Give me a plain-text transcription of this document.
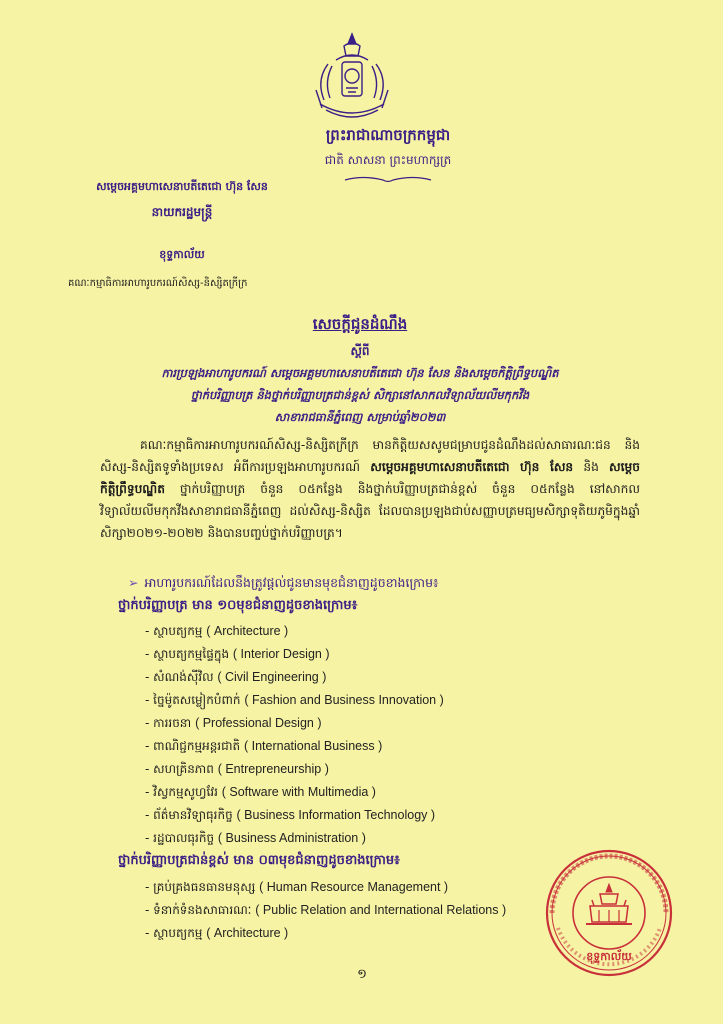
ព្រះរាជាណាចក្រកម្ពុជា
ជាតិ សាសនា ព្រះមហាក្សត្រ
សម្ដេចអគ្គមហាសេនាបតីតេជោ ហ៊ុន សែន
នាយករដ្ឋមន្រ្តី
ខុទ្ទកាល័យ
គណៈកម្មាធិការអាហារូបករណ៍សិស្ស-និស្សិតក្រីក្រ
សេចក្ដីជូនដំណឹង
ស្ដីពី
ការប្រឡងអាហារូបករណ៍ សម្ដេចអគ្គមហាសេនាបតីតេជោ ហ៊ុន សែន និងសម្ដេចកិត្តិព្រឹទ្ធបណ្ឌិត
ថ្នាក់បរិញ្ញាបត្រ និងថ្នាក់បរិញ្ញាបត្រជាន់ខ្ពស់ សិក្សានៅសាកលវិទ្យាល័យលីមកុកវីង
សាខារាជធានីភ្នំពេញ សម្រាប់ឆ្នាំ២០២៣
គណៈកម្មាធិការអាហារូបករណ៍សិស្ស-និស្សិតក្រីក្រ មានកិត្តិយសសូមជម្រាបជូនដំណឹងដល់សាធារណៈជន និងសិស្ស-និស្សិតទូទាំងប្រទេស អំពីការប្រឡងអាហារូបករណ៍ សម្ដេចអគ្គមហាសេនាបតីតេជោ ហ៊ុន សែន និង សម្ដេចកិត្តិព្រឹទ្ធបណ្ឌិត ថ្នាក់បរិញ្ញាបត្រ ចំនួន ០៥កន្លែង និងថ្នាក់បរិញ្ញាបត្រជាន់ខ្ពស់ ចំនួន ០៥កន្លែង នៅសាកលវិទ្យាល័យលីមកុកវីងសាខារាជធានីភ្នំពេញ ដល់សិស្ស-និស្សិត ដែលបានប្រឡងជាប់សញ្ញាបត្រមធ្យមសិក្សាទុតិយភូមិក្នុងឆ្នាំសិក្សា២០២១-២០២២ និងបានបញ្ចប់ថ្នាក់បរិញ្ញាបត្រ។
➢ អាហារូបករណ៍ដែលនឹងត្រូវផ្ដល់ជូនមានមុខជំនាញដូចខាងក្រោម៖
ថ្នាក់បរិញ្ញាបត្រ មាន ១០មុខជំនាញដូចខាងក្រោម៖
- ស្ថាបត្យកម្ម ( Architecture )
- ស្ថាបត្យកម្មផ្ទៃក្នុង ( Interior Design )
- សំណង់ស៊ីវិល ( Civil Engineering )
- ច្នៃម៉ូតសម្លៀកបំពាក់ ( Fashion and Business Innovation )
- ការរចនា ( Professional Design )
- ពាណិជ្ជកម្មអន្តរជាតិ ( International Business )
- សហគ្រិនភាព ( Entrepreneurship )
- វិស្វកម្មសូហ្វវែរ ( Software with Multimedia )
- ព័ត៌មានវិទ្យាធុរកិច្ច ( Business Information Technology )
- រដ្ឋបាលធុរកិច្ច ( Business Administration )
ថ្នាក់បរិញ្ញាបត្រជាន់ខ្ពស់ មាន ០៣មុខជំនាញដូចខាងក្រោម៖
- គ្រប់គ្រងធនធានមនុស្ស ( Human Resource Management )
- ទំនាក់ទំនងសាធារណៈ ( Public Relation and International Relations )
- ស្ថាបត្យកម្ម ( Architecture )
ខុទ្ទកាល័យ
១
